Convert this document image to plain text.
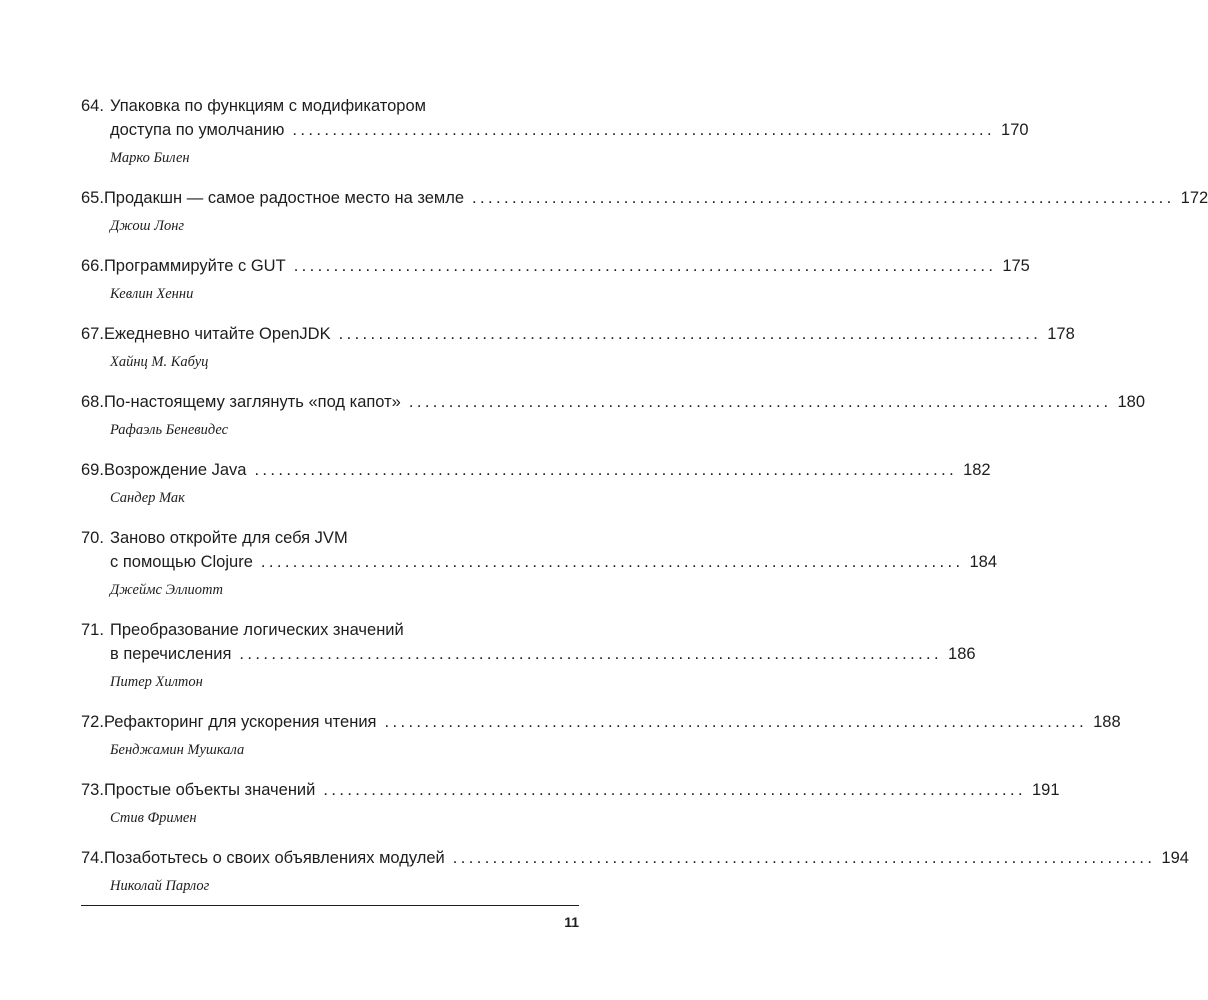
64. Упаковка по функциям с модификатором
доступа по умолчанию ........................................................................................ 170
Марко Билен
65. Продакшн — самое радостное место на земле ........................................................................................ 172
Джош Лонг
66. Программируйте с GUT ........................................................................................ 175
Кевлин Хенни
67. Ежедневно читайте OpenJDK ........................................................................................ 178
Хайнц М. Кабуц
68. По-настоящему заглянуть «под капот» ........................................................................................ 180
Рафаэль Беневидес
69. Возрождение Java ........................................................................................ 182
Сандер Мак
70. Заново откройте для себя JVM
с помощью Clojure ........................................................................................ 184
Джеймс Эллиотт
71. Преобразование логических значений
в перечисления ........................................................................................ 186
Питер Хилтон
72. Рефакторинг для ускорения чтения ........................................................................................ 188
Бенджамин Мушкала
73. Простые объекты значений ........................................................................................ 191
Стив Фримен
74. Позаботьтесь о своих объявлениях модулей ........................................................................................ 194
Николай Парлог
11
